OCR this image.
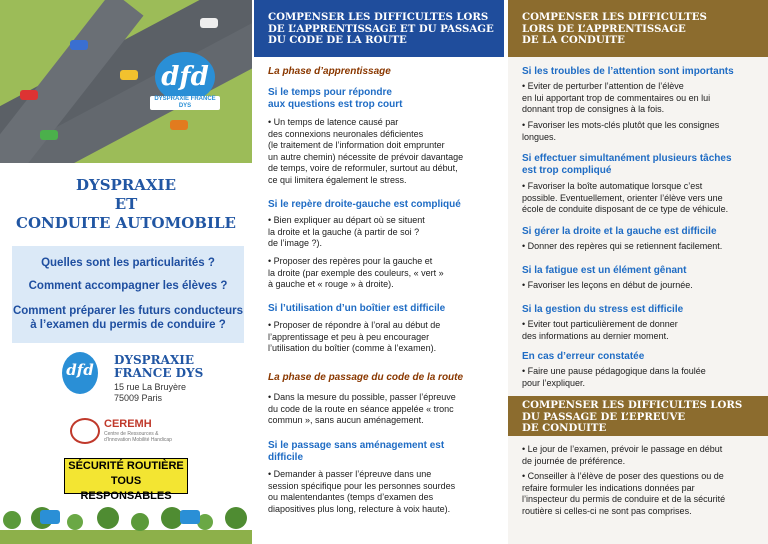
dfd
DYSPRAXIE FRANCE DYS
DYSPRAXIE
ET
CONDUITE AUTOMOBILE
Quelles sont les particularités ?
Comment accompagner les élèves ?
Comment préparer les futurs conducteurs
à l’examen du permis de conduire ?
dfd
DYSPRAXIE
FRANCE DYS
15 rue La Bruyère
75009 Paris
CEREMH
Centre de Ressources & d'Innovation Mobilité Handicap
SÉCURITÉ ROUTIÈRE
TOUS RESPONSABLES
COMPENSER LES DIFFICULTES LORS
DE L’APPRENTISSAGE ET DU PASSAGE
DU CODE DE LA ROUTE
La phase d’apprentissage
Si le temps pour répondre
aux questions est trop court
• Un temps de latence causé par
des connexions neuronales déficientes
(le traitement de l’information doit emprunter
un autre chemin) nécessite de prévoir davantage
de temps, voire de reformuler, surtout au début,
ce qui limitera également le stress.
Si le repère droite-gauche est compliqué
• Bien expliquer au départ où se situent
la droite et la gauche (à partir de soi ?
de l’image ?).
• Proposer des repères pour la gauche et
la droite (par exemple des couleurs, « vert »
à gauche et « rouge » à droite).
Si l’utilisation d’un boîtier est difficile
• Proposer de répondre à l’oral au début de
l’apprentissage et peu à peu encourager
l’utilisation du boîtier (comme à l’examen).
La phase de passage du code de la route
• Dans la mesure du possible, passer l’épreuve
du code de la route en séance appelée « tronc
commun », sans aucun aménagement.
Si le passage sans aménagement est
difficile
• Demander à passer l’épreuve dans une
session spécifique pour les personnes sourdes
ou malentendantes (temps d’examen des
diapositives plus long, relecture à voix haute).
COMPENSER LES DIFFICULTES
LORS DE L’APPRENTISSAGE
DE LA CONDUITE
Si les troubles de l’attention sont importants
• Eviter de perturber l’attention de l’élève
en lui apportant trop de commentaires ou en lui
donnant trop de consignes à la fois.
• Favoriser les mots-clés plutôt que les consignes
longues.
Si effectuer simultanément plusieurs tâches
est trop compliqué
• Favoriser la boîte automatique lorsque c’est
possible. Eventuellement, orienter l’élève vers une
école de conduite disposant de ce type de véhicule.
Si gérer la droite et la gauche est difficile
• Donner des repères qui se retiennent facilement.
Si la fatigue est un élément gênant
• Favoriser les leçons en début de journée.
Si la gestion du stress est difficile
• Eviter tout particulièrement de donner
des informations au dernier moment.
En cas d’erreur constatée
• Faire une pause pédagogique dans la foulée
pour l’expliquer.
COMPENSER LES DIFFICULTES LORS
DU PASSAGE DE L’EPREUVE
DE CONDUITE
• Le jour de l’examen, prévoir le passage en début
de journée de préférence.
• Conseiller à l’élève de poser des questions ou de
refaire formuler les indications données par
l’inspecteur du permis de conduire et de la sécurité
routière si celles-ci ne sont pas comprises.
